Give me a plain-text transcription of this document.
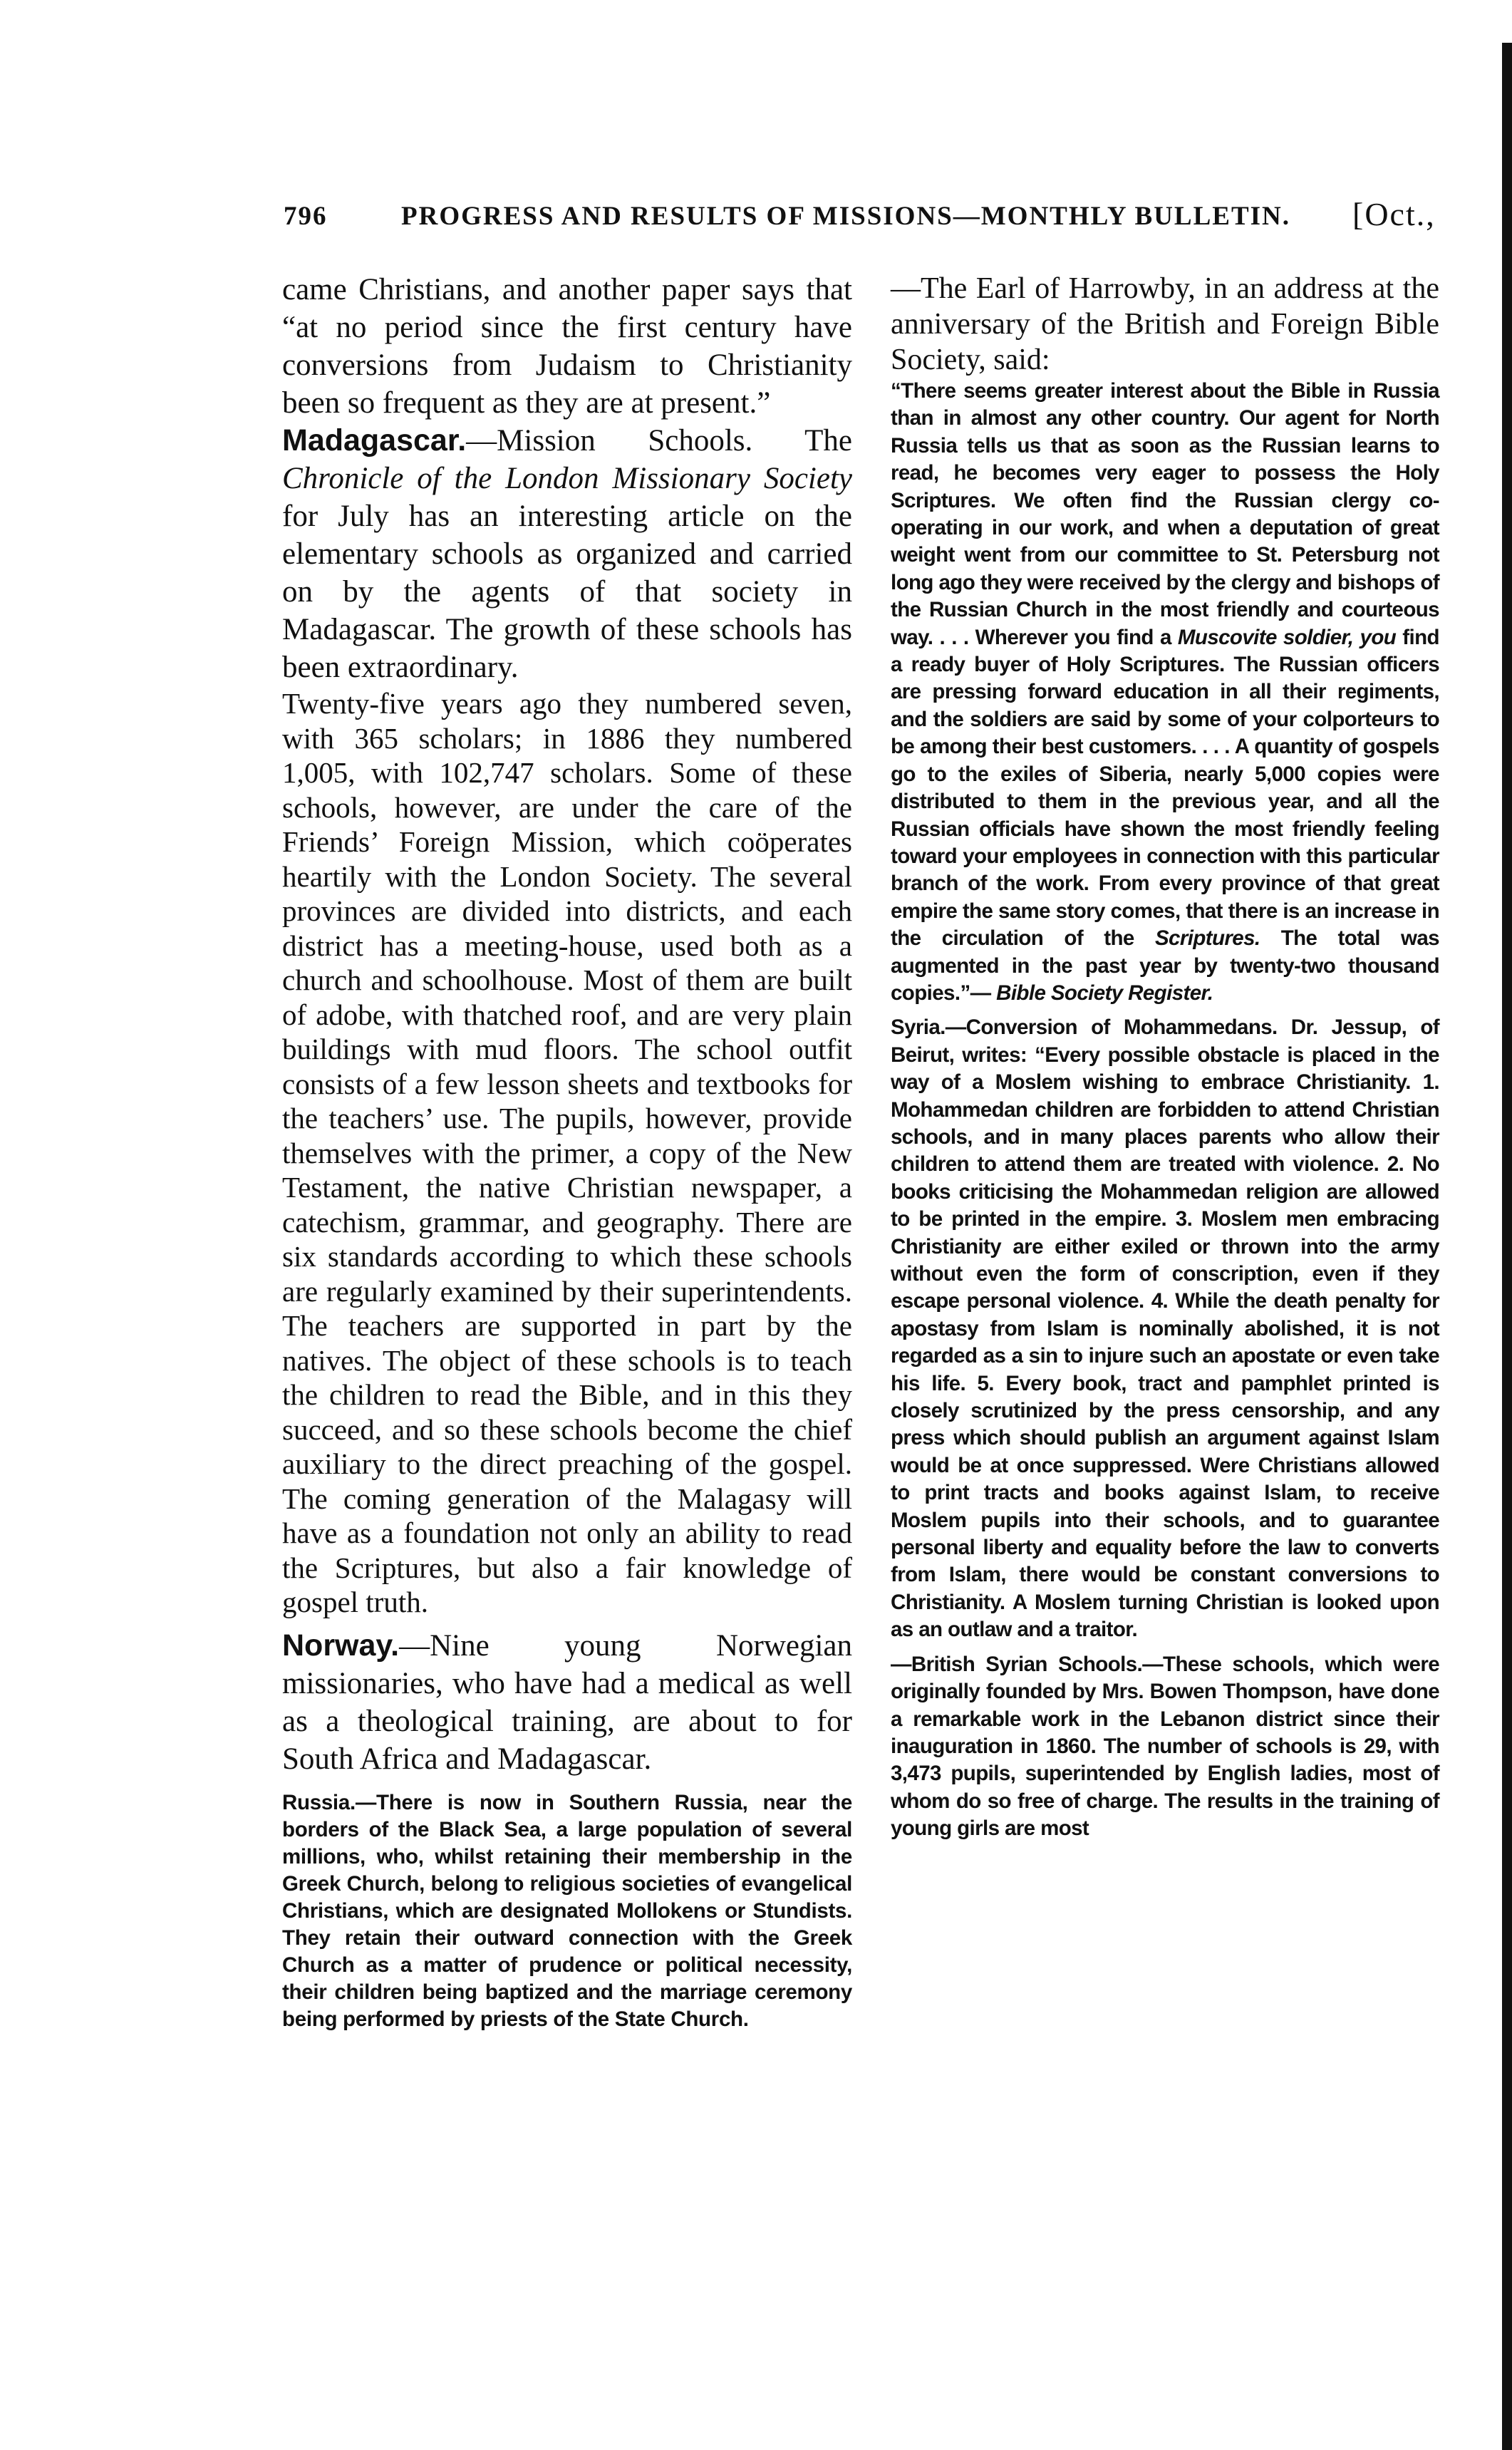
796	PROGRESS AND RESULTS OF MISSIONS—MONTHLY BULLETIN. [Oct.,

came Christians, and another paper says that “at no period since the first century have conversions from Judaism to Christianity been so frequent as they are at present.”

Madagascar.—Mission Schools. The Chronicle of the London Missionary Society for July has an interesting article on the elementary schools as organized and carried on by the agents of that society in Madagascar. The growth of these schools has been extraordinary.

Twenty-five years ago they numbered seven, with 365 scholars; in 1886 they numbered 1,005, with 102,747 scholars. Some of these schools, however, are under the care of the Friends’ Foreign Mission, which coöperates heartily with the London Society. The several provinces are divided into districts, and each district has a meeting-house, used both as a church and schoolhouse. Most of them are built of adobe, with thatched roof, and are very plain buildings with mud floors. The school outfit consists of a few lesson sheets and textbooks for the teachers’ use. The pupils, however, provide themselves with the primer, a copy of the New Testament, the native Christian newspaper, a catechism, grammar, and geography. There are six standards according to which these schools are regularly examined by their superintendents. The teachers are supported in part by the natives. The object of these schools is to teach the children to read the Bible, and in this they succeed, and so these schools become the chief auxiliary to the direct preaching of the gospel. The coming generation of the Malagasy will have as a foundation not only an ability to read the Scriptures, but also a fair knowledge of gospel truth.

Norway.—Nine young Norwegian missionaries, who have had a medical as well as a theological training, are about to for South Africa and Madagascar.

Russia.—There is now in Southern Russia, near the borders of the Black Sea, a large population of several millions, who, whilst retaining their membership in the Greek Church, belong to religious societies of evangelical Christians, which are designated Mollokens or Stundists. They retain their outward connection with the Greek Church as a matter of prudence or political necessity, their children being baptized and the marriage ceremony being performed by priests of the State Church.

—The Earl of Harrowby, in an address at the anniversary of the British and Foreign Bible Society, said:

“There seems greater interest about the Bible in Russia than in almost any other country. Our agent for North Russia tells us that as soon as the Russian learns to read, he becomes very eager to possess the Holy Scriptures. We often find the Russian clergy co-operating in our work, and when a deputation of great weight went from our committee to St. Petersburg not long ago they were received by the clergy and bishops of the Russian Church in the most friendly and courteous way. . . . Wherever you find a Muscovite soldier, you find a ready buyer of Holy Scriptures. The Russian officers are pressing forward education in all their regiments, and the soldiers are said by some of your colporteurs to be among their best customers. . . . A quantity of gospels go to the exiles of Siberia, nearly 5,000 copies were distributed to them in the previous year, and all the Russian officials have shown the most friendly feeling toward your employees in connection with this particular branch of the work. From every province of that great empire the same story comes, that there is an increase in the circulation of the Scriptures. The total was augmented in the past year by twenty-two thousand copies.”— Bible Society Register.

Syria.—Conversion of Mohammedans. Dr. Jessup, of Beirut, writes: “Every possible obstacle is placed in the way of a Moslem wishing to embrace Christianity. 1. Mohammedan children are forbidden to attend Christian schools, and in many places parents who allow their children to attend them are treated with violence. 2. No books criticising the Mohammedan religion are allowed to be printed in the empire. 3. Moslem men embracing Christianity are either exiled or thrown into the army without even the form of conscription, even if they escape personal violence. 4. While the death penalty for apostasy from Islam is nominally abolished, it is not regarded as a sin to injure such an apostate or even take his life. 5. Every book, tract and pamphlet printed is closely scrutinized by the press censorship, and any press which should publish an argument against Islam would be at once suppressed. Were Christians allowed to print tracts and books against Islam, to receive Moslem pupils into their schools, and to guarantee personal liberty and equality before the law to converts from Islam, there would be constant conversions to Christianity. A Moslem turning Christian is looked upon as an outlaw and a traitor.

—British Syrian Schools.—These schools, which were originally founded by Mrs. Bowen Thompson, have done a remarkable work in the Lebanon district since their inauguration in 1860. The number of schools is 29, with 3,473 pupils, superintended by English ladies, most of whom do so free of charge. The results in the training of young girls are most
